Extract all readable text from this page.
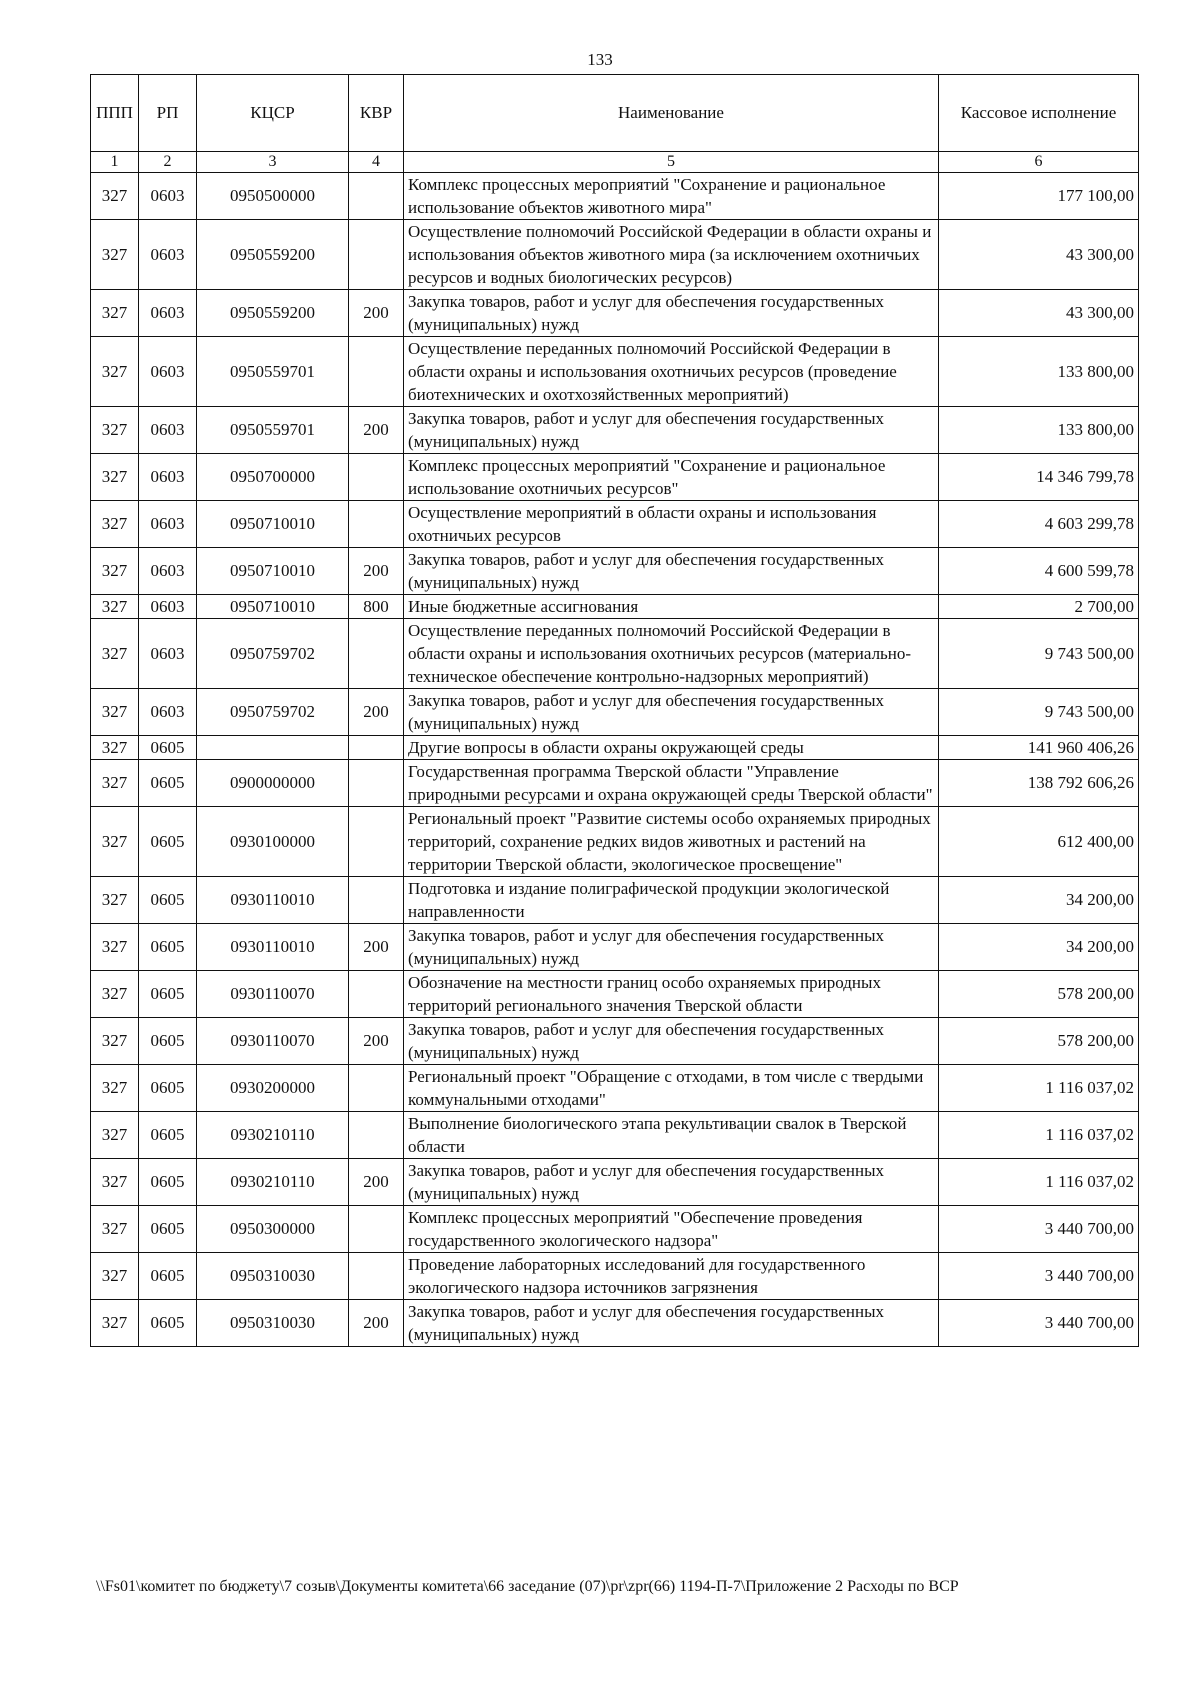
133
ППП	РП	КЦСР	КВР	Наименование	Кассовое исполнение
1	2	3	4	5	6
327	0603	0950500000		Комплекс процессных мероприятий "Сохранение и рациональное использование объектов животного мира"	177 100,00
327	0603	0950559200		Осуществление полномочий Российской Федерации в области охраны и использования объектов животного мира (за исключением охотничьих ресурсов и водных биологических ресурсов)	43 300,00
327	0603	0950559200	200	Закупка товаров, работ и услуг для обеспечения государственных (муниципальных) нужд	43 300,00
327	0603	0950559701		Осуществление переданных полномочий Российской Федерации в области охраны и использования охотничьих ресурсов (проведение биотехнических и охотхозяйственных мероприятий)	133 800,00
327	0603	0950559701	200	Закупка товаров, работ и услуг для обеспечения государственных (муниципальных) нужд	133 800,00
327	0603	0950700000		Комплекс процессных мероприятий "Сохранение и рациональное использование охотничьих ресурсов"	14 346 799,78
327	0603	0950710010		Осуществление мероприятий в области охраны и использования охотничьих ресурсов	4 603 299,78
327	0603	0950710010	200	Закупка товаров, работ и услуг для обеспечения государственных (муниципальных) нужд	4 600 599,78
327	0603	0950710010	800	Иные бюджетные ассигнования	2 700,00
327	0603	0950759702		Осуществление переданных полномочий Российской Федерации в области охраны и использования охотничьих ресурсов (материально-техническое обеспечение контрольно-надзорных мероприятий)	9 743 500,00
327	0603	0950759702	200	Закупка товаров, работ и услуг для обеспечения государственных (муниципальных) нужд	9 743 500,00
327	0605			Другие вопросы в области охраны окружающей среды	141 960 406,26
327	0605	0900000000		Государственная программа Тверской области "Управление природными ресурсами и охрана окружающей среды Тверской области"	138 792 606,26
327	0605	0930100000		Региональный проект "Развитие системы особо охраняемых природных территорий, сохранение редких видов животных и растений на территории Тверской области, экологическое просвещение"	612 400,00
327	0605	0930110010		Подготовка и издание полиграфической продукции экологической направленности	34 200,00
327	0605	0930110010	200	Закупка товаров, работ и услуг для обеспечения государственных (муниципальных) нужд	34 200,00
327	0605	0930110070		Обозначение на местности границ особо охраняемых природных территорий регионального значения Тверской области	578 200,00
327	0605	0930110070	200	Закупка товаров, работ и услуг для обеспечения государственных (муниципальных) нужд	578 200,00
327	0605	0930200000		Региональный проект "Обращение с отходами, в том числе с твердыми коммунальными отходами"	1 116 037,02
327	0605	0930210110		Выполнение биологического этапа рекультивации свалок в Тверской области	1 116 037,02
327	0605	0930210110	200	Закупка товаров, работ и услуг для обеспечения государственных (муниципальных) нужд	1 116 037,02
327	0605	0950300000		Комплекс процессных мероприятий "Обеспечение проведения государственного экологического надзора"	3 440 700,00
327	0605	0950310030		Проведение лабораторных исследований для государственного экологического надзора источников загрязнения	3 440 700,00
327	0605	0950310030	200	Закупка товаров, работ и услуг для обеспечения государственных (муниципальных) нужд	3 440 700,00
\\Fs01\комитет по бюджету\7 созыв\Документы комитета\66 заседание (07)\pr\zpr(66) 1194-П-7\Приложение 2 Расходы по ВСР
